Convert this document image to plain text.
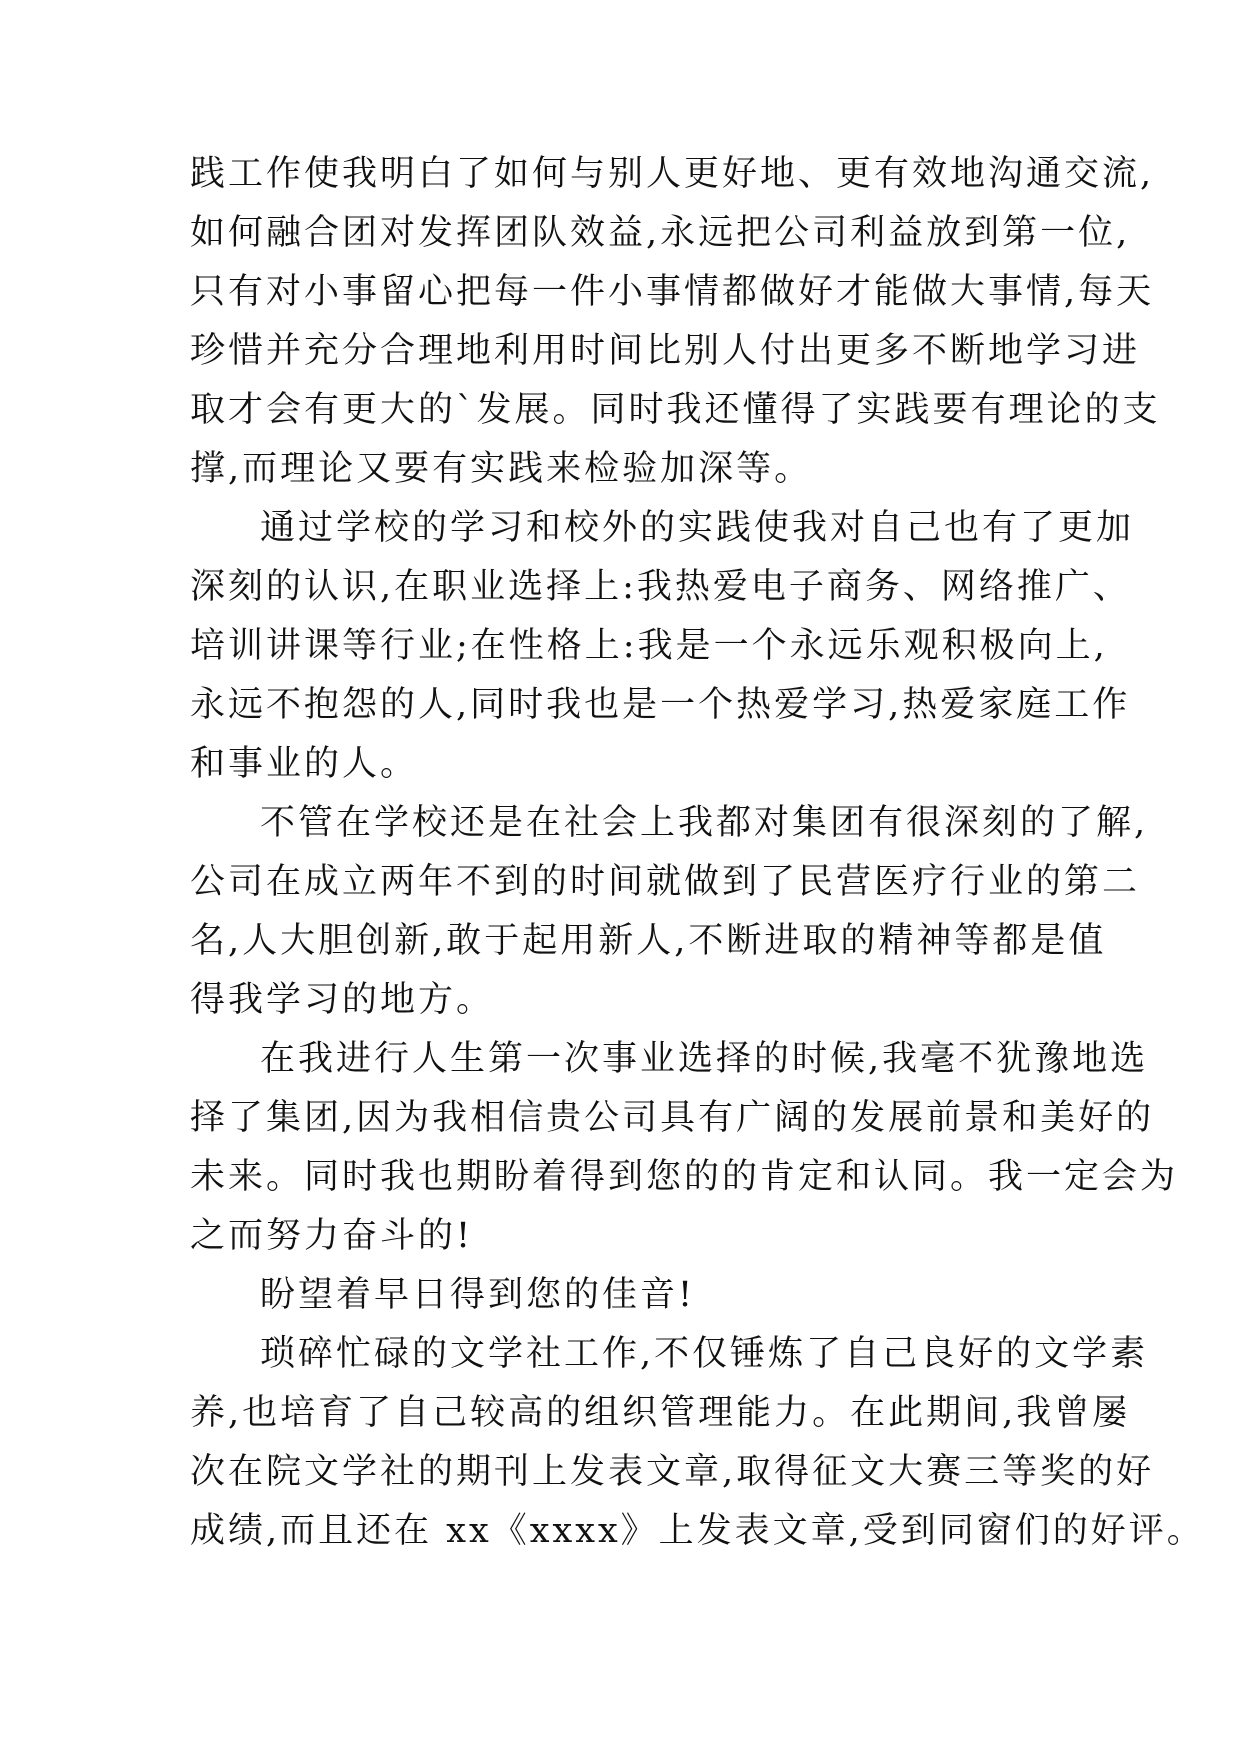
践工作使我明白了如何与别人更好地、更有效地沟通交流,
如何融合团对发挥团队效益,永远把公司利益放到第一位,
只有对小事留心把每一件小事情都做好才能做大事情,每天
珍惜并充分合理地利用时间比别人付出更多不断地学习进
取才会有更大的`发展。同时我还懂得了实践要有理论的支
撑,而理论又要有实践来检验加深等。
通过学校的学习和校外的实践使我对自己也有了更加
深刻的认识,在职业选择上:我热爱电子商务、网络推广、
培训讲课等行业;在性格上:我是一个永远乐观积极向上,
永远不抱怨的人,同时我也是一个热爱学习,热爱家庭工作
和事业的人。
不管在学校还是在社会上我都对集团有很深刻的了解,
公司在成立两年不到的时间就做到了民营医疗行业的第二
名,人大胆创新,敢于起用新人,不断进取的精神等都是值
得我学习的地方。
在我进行人生第一次事业选择的时候,我毫不犹豫地选
择了集团,因为我相信贵公司具有广阔的发展前景和美好的
未来。同时我也期盼着得到您的的肯定和认同。我一定会为
之而努力奋斗的!
盼望着早日得到您的佳音!
琐碎忙碌的文学社工作,不仅锤炼了自己良好的文学素
养,也培育了自己较高的组织管理能力。在此期间,我曾屡
次在院文学社的期刊上发表文章,取得征文大赛三等奖的好
成绩,而且还在 xx《xxxx》上发表文章,受到同窗们的好评。
